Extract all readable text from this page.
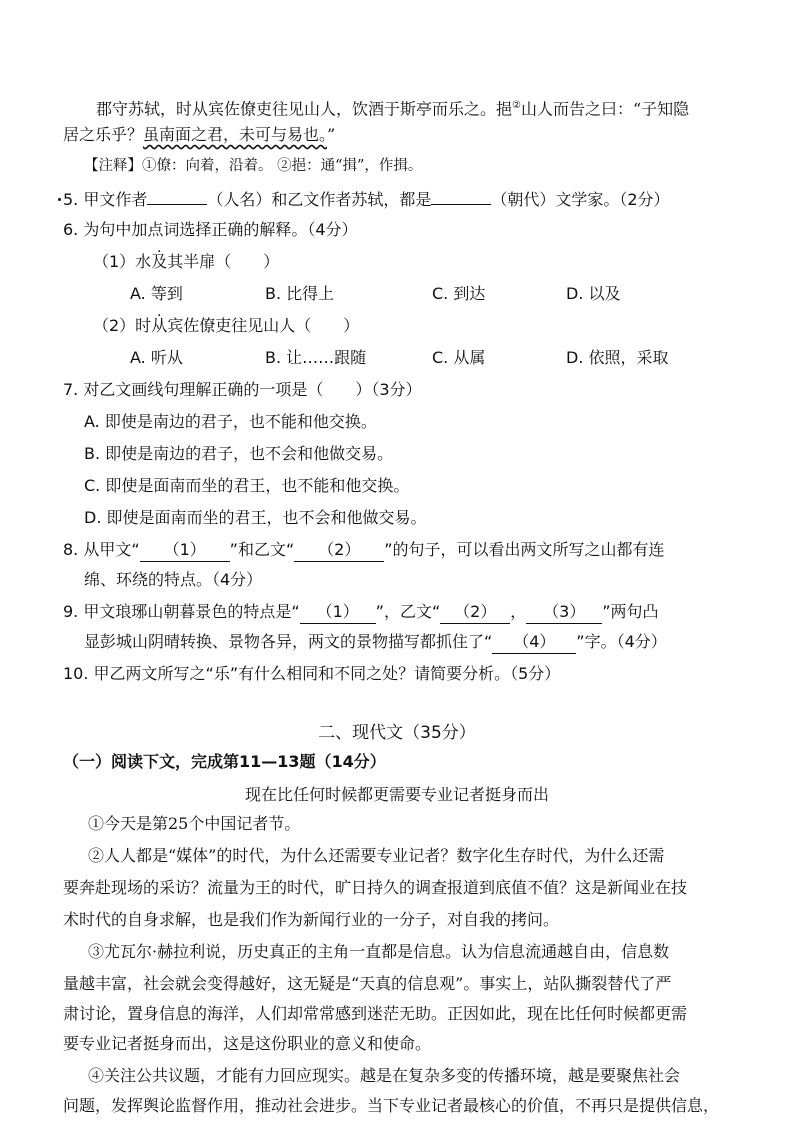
郡守苏轼，时从宾佐僚吏往见山人，饮酒于斯亭而乐之。挹②山人而告之曰：“子知隐
居之乐乎？虽南面之君，未可与易也。”
【注释】①僚：向着，沿着。 ②挹：通“揖”，作揖。
5. 甲文作者	（人名）和乙文作者苏轼，都是	（朝代）文学家。（2分）
6. 为句中加点词选择正确的解释。（4分）
（1）水及其半扉（　　）
A. 等到	B. 比得上	C. 到达	D. 以及
（2）时从宾佐僚吏往见山人（　　）
A. 听从	B. 让……跟随	C. 从属	D. 依照，采取
7. 对乙文画线句理解正确的一项是（　　）（3分）
A. 即使是南边的君子，也不能和他交换。
B. 即使是南边的君子，也不会和他做交易。
C. 即使是面南而坐的君王，也不能和他交换。
D. 即使是面南而坐的君王，也不会和他做交易。
8. 从甲文“ （1） ”和乙文“ （2） ”的句子，可以看出两文所写之山都有连
绵、环绕的特点。（4分）
9. 甲文琅琊山朝暮景色的特点是“ （1） ”，乙文“ （2） ， （3） ”两句凸
显彭城山阴晴转换、景物各异，两文的景物描写都抓住了“ （4） ”字。（4分）
10. 甲乙两文所写之“乐”有什么相同和不同之处？请简要分析。（5分）
二、现代文（35分）
（一）阅读下文，完成第11—13题（14分）
现在比任何时候都更需要专业记者挺身而出
①今天是第25个中国记者节。
②人人都是“媒体”的时代，为什么还需要专业记者？数字化生存时代，为什么还需
要奔赴现场的采访？流量为王的时代，旷日持久的调查报道到底值不值？这是新闻业在技
术时代的自身求解，也是我们作为新闻行业的一分子，对自我的拷问。
③尤瓦尔·赫拉利说，历史真正的主角一直都是信息。认为信息流通越自由，信息数
量越丰富，社会就会变得越好，这无疑是“天真的信息观”。事实上，站队撕裂替代了严
肃讨论，置身信息的海洋，人们却常常感到迷茫无助。正因如此，现在比任何时候都更需
要专业记者挺身而出，这是这份职业的意义和使命。
④关注公共议题，才能有力回应现实。越是在复杂多变的传播环境，越是要聚焦社会
问题，发挥舆论监督作用，推动社会进步。当下专业记者最核心的价值，不再只是提供信息，
